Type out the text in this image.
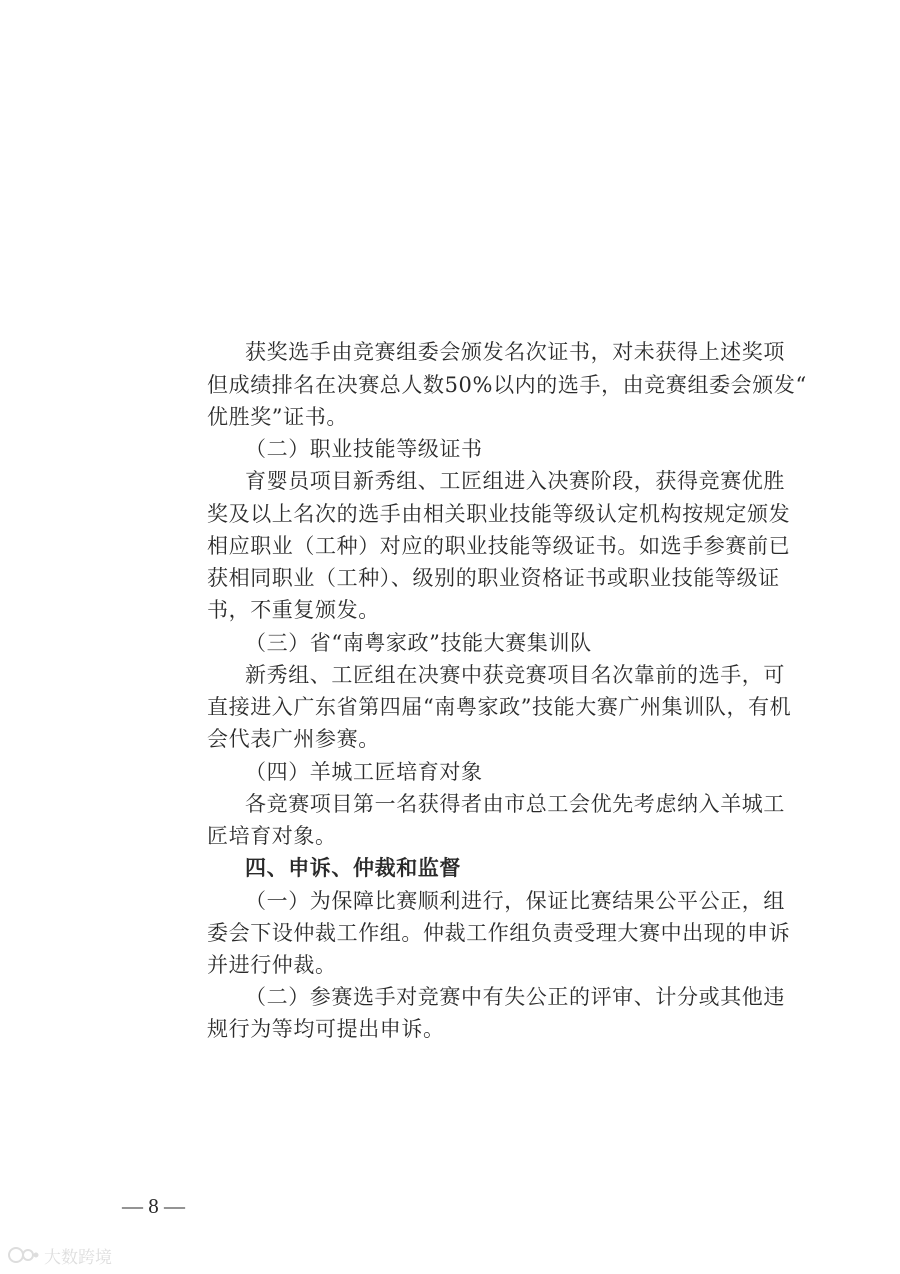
获奖选手由竞赛组委会颁发名次证书，对未获得上述奖项
但成绩排名在决赛总人数50%以内的选手，由竞赛组委会颁发“
优胜奖”证书。
（二）职业技能等级证书
育婴员项目新秀组、工匠组进入决赛阶段，获得竞赛优胜
奖及以上名次的选手由相关职业技能等级认定机构按规定颁发
相应职业（工种）对应的职业技能等级证书。如选手参赛前已
获相同职业（工种）、级别的职业资格证书或职业技能等级证
书，不重复颁发。
（三）省“南粤家政”技能大赛集训队
新秀组、工匠组在决赛中获竞赛项目名次靠前的选手，可
直接进入广东省第四届“南粤家政”技能大赛广州集训队，有机
会代表广州参赛。
（四）羊城工匠培育对象
各竞赛项目第一名获得者由市总工会优先考虑纳入羊城工
匠培育对象。
四、申诉、仲裁和监督
（一）为保障比赛顺利进行，保证比赛结果公平公正，组
委会下设仲裁工作组。仲裁工作组负责受理大赛中出现的申诉
并进行仲裁。
（二）参赛选手对竞赛中有失公正的评审、计分或其他违
规行为等均可提出申诉。
— 8 —
大数跨境
